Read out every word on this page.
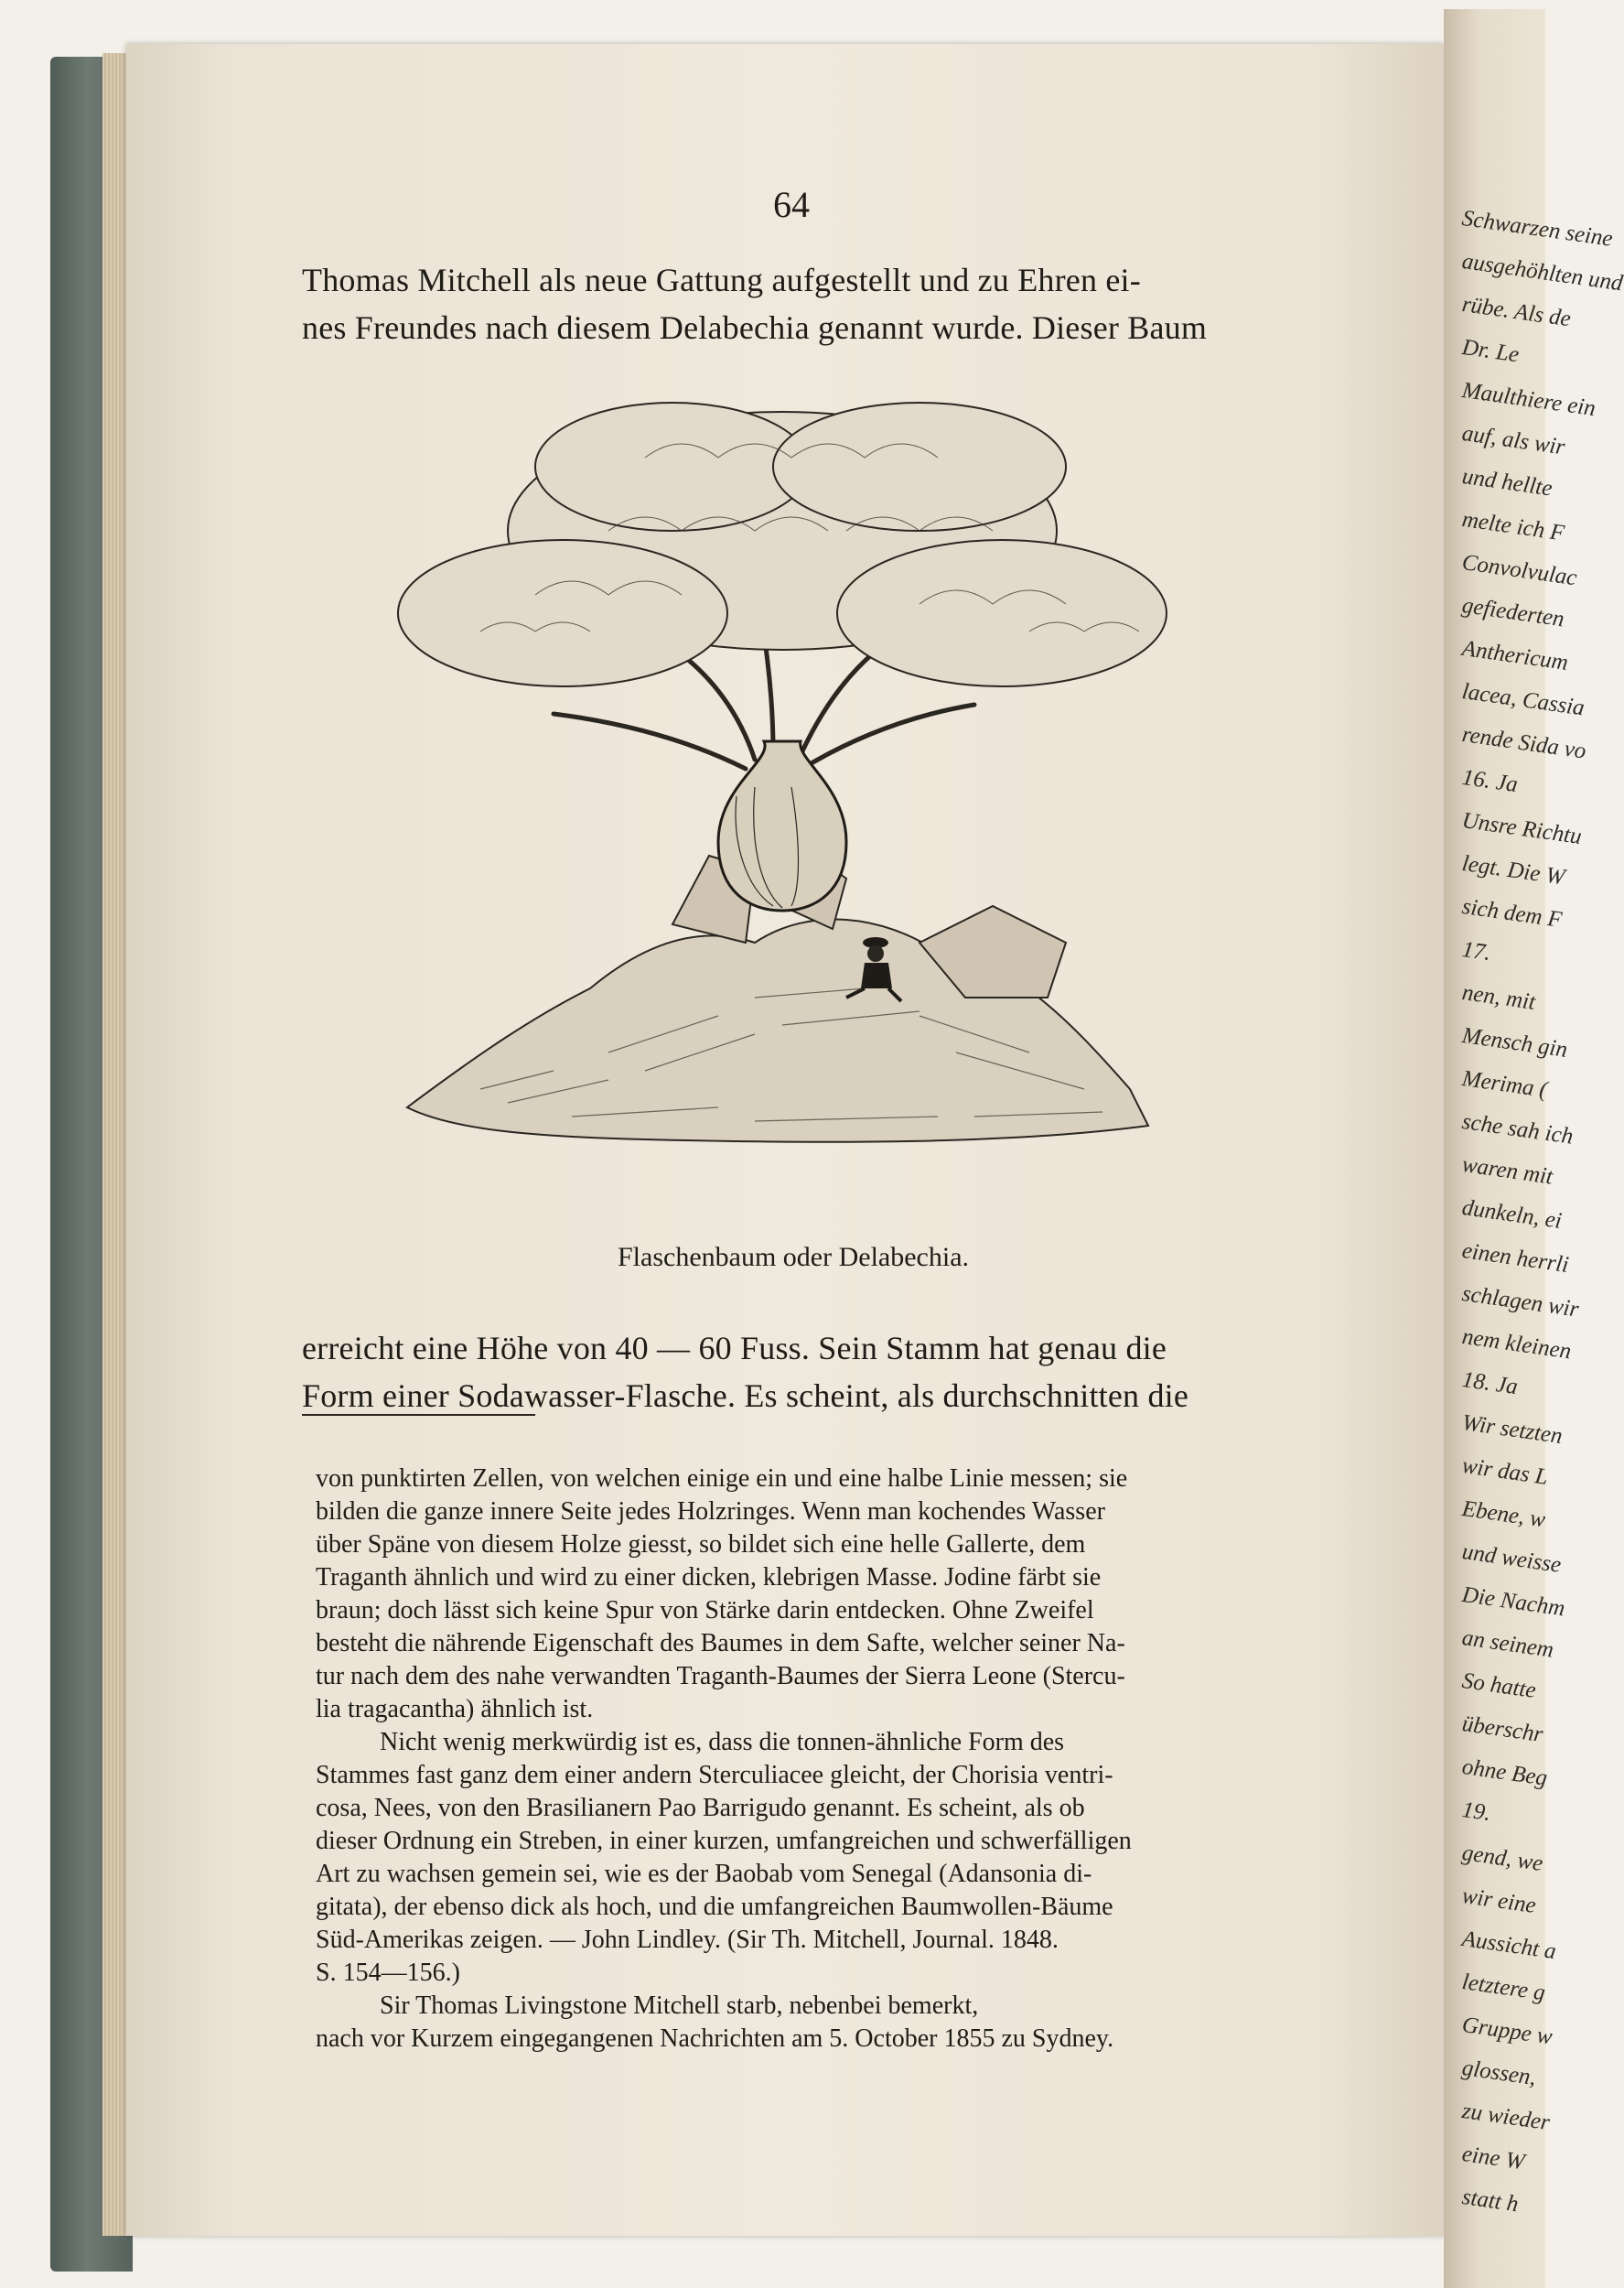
64
Thomas Mitchell als neue Gattung aufgestellt und zu Ehren ei-
nes Freundes nach diesem Delabechia genannt wurde. Dieser Baum
Flaschenbaum oder Delabechia.
erreicht eine Höhe von 40 — 60 Fuss. Sein Stamm hat genau die
Form einer Sodawasser-Flasche. Es scheint, als durchschnitten die
von punktirten Zellen, von welchen einige ein und eine halbe Linie messen; sie
bilden die ganze innere Seite jedes Holzringes. Wenn man kochendes Wasser
über Späne von diesem Holze giesst, so bildet sich eine helle Gallerte, dem
Traganth ähnlich und wird zu einer dicken, klebrigen Masse. Jodine färbt sie
braun; doch lässt sich keine Spur von Stärke darin entdecken. Ohne Zweifel
besteht die nährende Eigenschaft des Baumes in dem Safte, welcher seiner Na-
tur nach dem des nahe verwandten Traganth-Baumes der Sierra Leone (Stercu-
lia tragacantha) ähnlich ist.
Nicht wenig merkwürdig ist es, dass die tonnen-ähnliche Form des
Stammes fast ganz dem einer andern Sterculiacee gleicht, der Chorisia ventri-
cosa, Nees, von den Brasilianern Pao Barrigudo genannt. Es scheint, als ob
dieser Ordnung ein Streben, in einer kurzen, umfangreichen und schwerfälligen
Art zu wachsen gemein sei, wie es der Baobab vom Senegal (Adansonia di-
gitata), der ebenso dick als hoch, und die umfangreichen Baumwollen-Bäume
Süd-Amerikas zeigen. — John Lindley. (Sir Th. Mitchell, Journal. 1848.
S. 154—156.)
Sir Thomas Livingstone Mitchell starb, nebenbei bemerkt,
nach vor Kurzem eingegangenen Nachrichten am 5. October 1855 zu Sydney.
Schwarzen seine
ausgehöhlten und
rübe. Als de
Dr. Le
Maulthiere ein
auf, als wir
und hellte
melte ich F
Convolvulac
gefiederten
Anthericum
lacea, Cassia
rende Sida vo
16. Ja
Unsre Richtu
legt. Die W
sich dem F
17.
nen, mit
Mensch gin
Merima (
sche sah ich
waren mit
dunkeln, ei
einen herrli
schlagen wir
nem kleinen
18. Ja
Wir setzten
wir das L
Ebene, w
und weisse
Die Nachm
an seinem
So hatte
überschr
ohne Beg
19.
gend, we
wir eine
Aussicht a
letztere g
Gruppe w
glossen,
zu wieder
eine W
statt h
